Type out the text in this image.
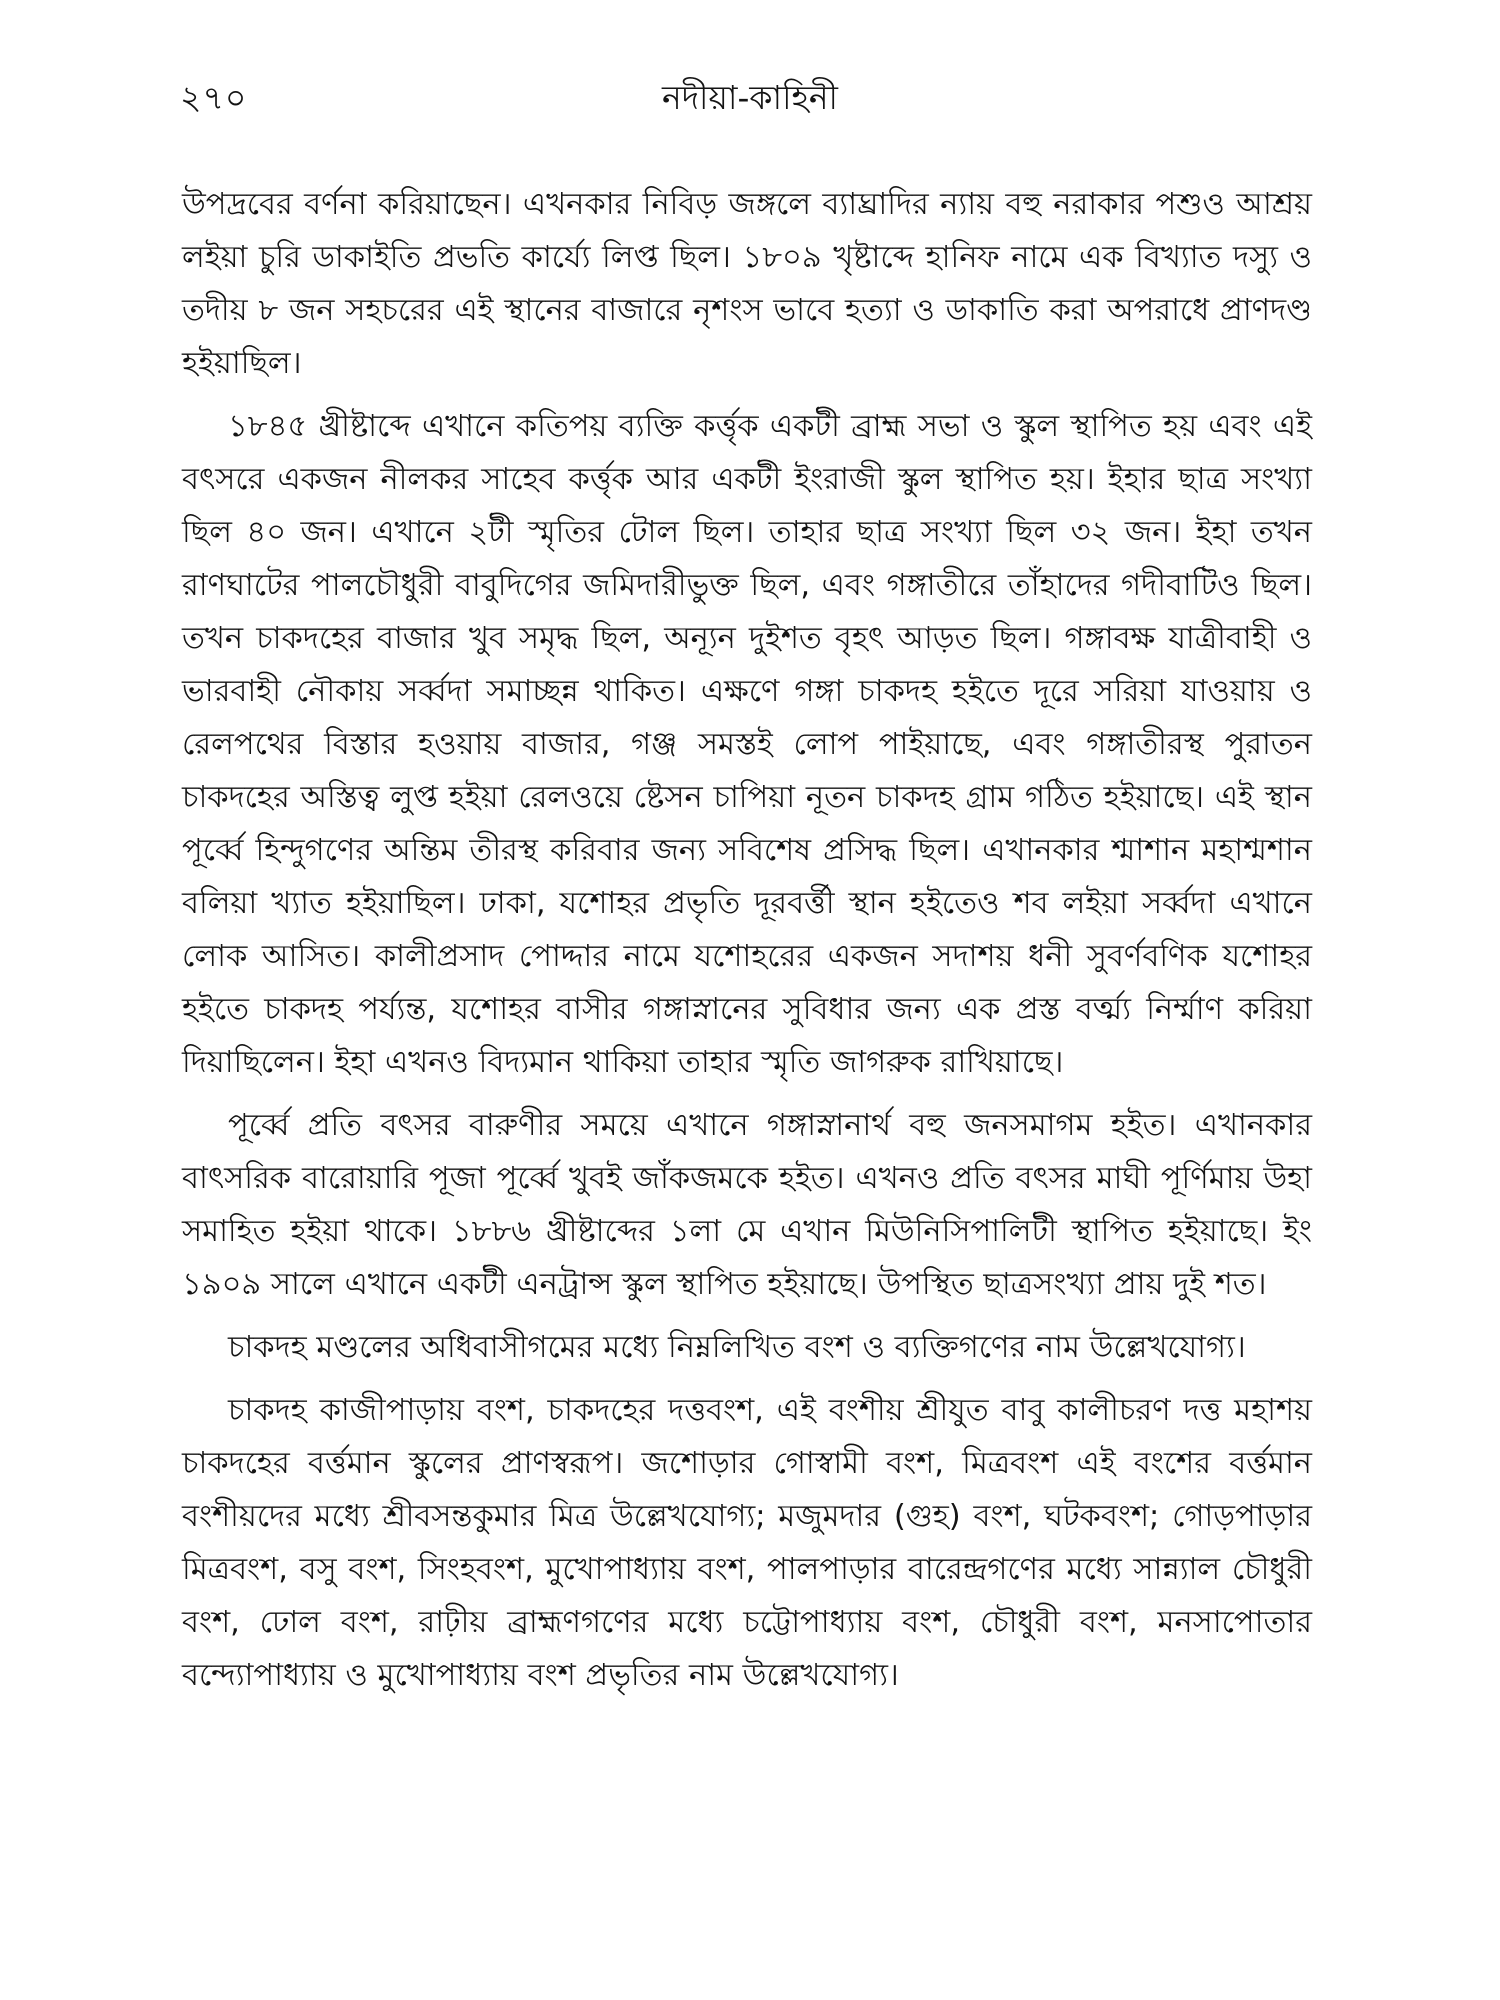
২৭০	নদীয়া-কাহিনী

উপদ্রবের বর্ণনা করিয়াছেন। এখনকার নিবিড় জঙ্গলে ব্যাঘ্রাদির ন্যায় বহু নরাকার পশুও আশ্রয় লইয়া চুরি ডাকাইতি প্রভতি কার্য্যে লিপ্ত ছিল। ১৮০৯ খৃষ্টাব্দে হানিফ নামে এক বিখ্যাত দস্যু ও তদীয় ৮ জন সহচরের এই স্থানের বাজারে নৃশংস ভাবে হত্যা ও ডাকাতি করা অপরাধে প্রাণদণ্ড হইয়াছিল।

১৮৪৫ খ্রীষ্টাব্দে এখানে কতিপয় ব্যক্তি কর্ত্তৃক একটী ব্রাহ্ম সভা ও স্কুল স্থাপিত হয় এবং এই বৎসরে একজন নীলকর সাহেব কর্ত্তৃক আর একটী ইংরাজী স্কুল স্থাপিত হয়। ইহার ছাত্র সংখ্যা ছিল ৪০ জন। এখানে ২টী স্মৃতির টোল ছিল। তাহার ছাত্র সংখ্যা ছিল ৩২ জন। ইহা তখন রাণঘাটের পালচৌধুরী বাবুদিগের জমিদারীভুক্ত ছিল, এবং গঙ্গাতীরে তাঁহাদের গদীবাটিও ছিল। তখন চাকদহের বাজার খুব সমৃদ্ধ ছিল, অন্যূন দুইশত বৃহৎ আড়ত ছিল। গঙ্গাবক্ষ যাত্রীবাহী ও ভারবাহী নৌকায় সর্ব্বদা সমাচ্ছন্ন থাকিত। এক্ষণে গঙ্গা চাকদহ হইতে দূরে সরিয়া যাওয়ায় ও রেলপথের বিস্তার হওয়ায় বাজার, গঞ্জ সমস্তই লোপ পাইয়াছে, এবং গঙ্গাতীরস্থ পুরাতন চাকদহের অস্তিত্ব লুপ্ত হইয়া রেলওয়ে ষ্টেসন চাপিয়া নূতন চাকদহ গ্রাম গঠিত হইয়াছে। এই স্থান পূর্ব্বে হিন্দুগণের অন্তিম তীরস্থ করিবার জন্য সবিশেষ প্রসিদ্ধ ছিল। এখানকার শ্মাশান মহাশ্মশান বলিয়া খ্যাত হইয়াছিল। ঢাকা, যশোহর প্রভৃতি দূরবর্ত্তী স্থান হইতেও শব লইয়া সর্ব্বদা এখানে লোক আসিত। কালীপ্রসাদ পোদ্দার নামে যশোহরের একজন সদাশয় ধনী সুবর্ণবণিক যশোহর হইতে চাকদহ পর্য্যন্ত, যশোহর বাসীর গঙ্গাস্নানের সুবিধার জন্য এক প্রস্ত বর্ত্ম্য নির্ম্মাণ করিয়া দিয়াছিলেন। ইহা এখনও বিদ্যমান থাকিয়া তাহার স্মৃতি জাগরুক রাখিয়াছে।

পূর্ব্বে প্রতি বৎসর বারুণীর সময়ে এখানে গঙ্গাস্নানার্থ বহু জনসমাগম হইত। এখানকার বাৎসরিক বারোয়ারি পূজা পূর্ব্বে খুবই জাঁকজমকে হইত। এখনও প্রতি বৎসর মাঘী পূর্ণিমায় উহা সমাহিত হইয়া থাকে। ১৮৮৬ খ্রীষ্টাব্দের ১লা মে এখান মিউনিসিপালিটী স্থাপিত হইয়াছে। ইং ১৯০৯ সালে এখানে একটী এনট্রান্স স্কুল স্থাপিত হইয়াছে। উপস্থিত ছাত্রসংখ্যা প্রায় দুই শত।

চাকদহ মণ্ডলের অধিবাসীগমের মধ্যে নিম্নলিখিত বংশ ও ব্যক্তিগণের নাম উল্লেখযোগ্য।

চাকদহ কাজীপাড়ায় বংশ, চাকদহের দত্তবংশ, এই বংশীয় শ্রীযুত বাবু কালীচরণ দত্ত মহাশয় চাকদহের বর্ত্তমান স্কুলের প্রাণস্বরূপ। জশোড়ার গোস্বামী বংশ, মিত্রবংশ এই বংশের বর্ত্তমান বংশীয়দের মধ্যে শ্রীবসন্তকুমার মিত্র উল্লেখযোগ্য; মজুমদার (গুহ) বংশ, ঘটকবংশ; গোড়পাড়ার মিত্রবংশ, বসু বংশ, সিংহবংশ, মুখোপাধ্যায় বংশ, পালপাড়ার বারেন্দ্রগণের মধ্যে সান্ন্যাল চৌধুরী বংশ, ঢোল বংশ, রাঢ়ীয় ব্রাহ্মণগণের মধ্যে চট্টোপাধ্যায় বংশ, চৌধুরী বংশ, মনসাপোতার বন্দ্যোপাধ্যায় ও মুখোপাধ্যায় বংশ প্রভৃতির নাম উল্লেখযোগ্য।
